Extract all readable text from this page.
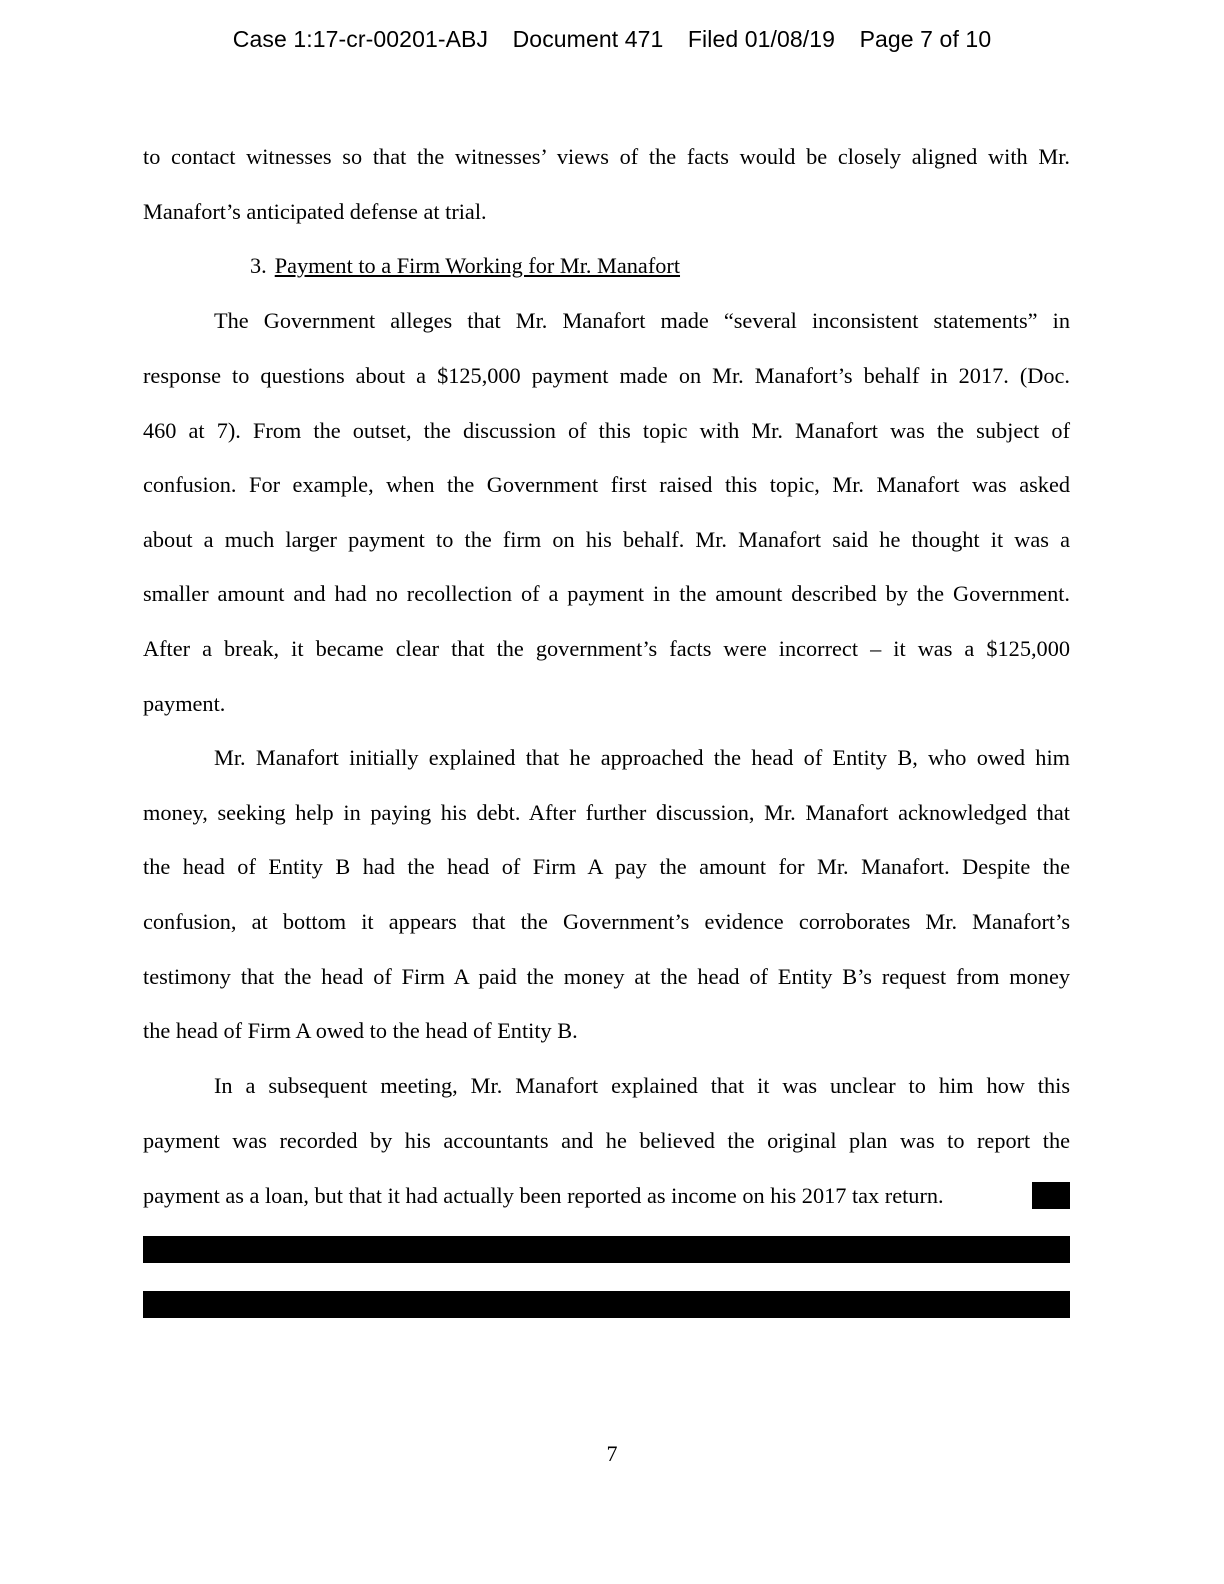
Case 1:17-cr-00201-ABJ Document 471 Filed 01/08/19 Page 7 of 10
to contact witnesses so that the witnesses’ views of the facts would be closely aligned with Mr.
Manafort’s anticipated defense at trial.
3. Payment to a Firm Working for Mr. Manafort
The Government alleges that Mr. Manafort made “several inconsistent statements” in
response to questions about a $125,000 payment made on Mr. Manafort’s behalf in 2017. (Doc.
460 at 7). From the outset, the discussion of this topic with Mr. Manafort was the subject of
confusion. For example, when the Government first raised this topic, Mr. Manafort was asked
about a much larger payment to the firm on his behalf. Mr. Manafort said he thought it was a
smaller amount and had no recollection of a payment in the amount described by the Government.
After a break, it became clear that the government’s facts were incorrect – it was a $125,000
payment.
Mr. Manafort initially explained that he approached the head of Entity B, who owed him
money, seeking help in paying his debt. After further discussion, Mr. Manafort acknowledged that
the head of Entity B had the head of Firm A pay the amount for Mr. Manafort. Despite the
confusion, at bottom it appears that the Government’s evidence corroborates Mr. Manafort’s
testimony that the head of Firm A paid the money at the head of Entity B’s request from money
the head of Firm A owed to the head of Entity B.
In a subsequent meeting, Mr. Manafort explained that it was unclear to him how this
payment was recorded by his accountants and he believed the original plan was to report the
payment as a loan, but that it had actually been reported as income on his 2017 tax return.
7
